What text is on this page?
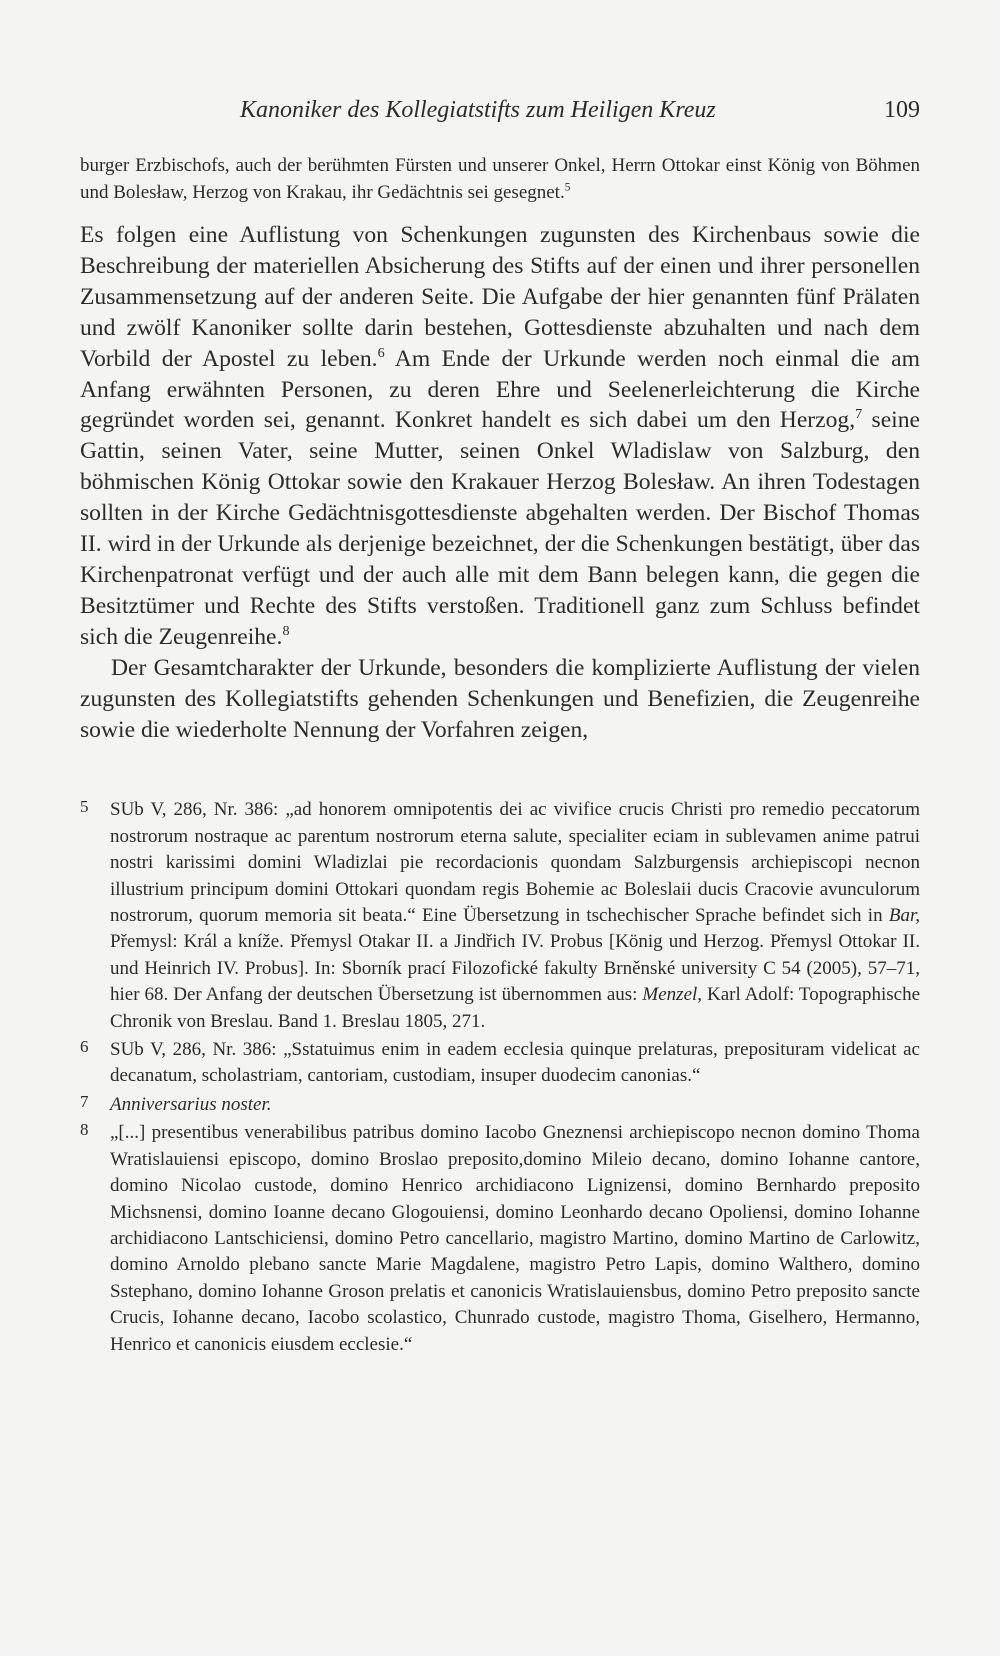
Kanoniker des Kollegiatstifts zum Heiligen Kreuz	109

burger Erzbischofs, auch der berühmten Fürsten und unserer Onkel, Herrn Ottokar einst König von Böhmen und Bolesław, Herzog von Krakau, ihr Gedächtnis sei gesegnet.$^5$

Es folgen eine Auflistung von Schenkungen zugunsten des Kirchenbaus sowie die Beschreibung der materiellen Absicherung des Stifts auf der einen und ihrer personellen Zusammensetzung auf der anderen Seite. Die Aufgabe der hier genannten fünf Prälaten und zwölf Kanoniker sollte darin bestehen, Gottesdienste abzuhalten und nach dem Vorbild der Apostel zu leben.$^6$ Am Ende der Urkunde werden noch einmal die am Anfang erwähnten Personen, zu deren Ehre und Seelenerleichterung die Kirche gegründet worden sei, genannt. Konkret handelt es sich dabei um den Herzog,$^7$ seine Gattin, seinen Vater, seine Mutter, seinen Onkel Wladislaw von Salzburg, den böhmischen König Ottokar sowie den Krakauer Herzog Bolesław. An ihren Todestagen sollten in der Kirche Gedächtnisgottesdienste abgehalten werden. Der Bischof Thomas II. wird in der Urkunde als derjenige bezeichnet, der die Schenkungen bestätigt, über das Kirchenpatronat verfügt und der auch alle mit dem Bann belegen kann, die gegen die Besitztümer und Rechte des Stifts verstoßen. Traditionell ganz zum Schluss befindet sich die Zeugenreihe.$^8$

Der Gesamtcharakter der Urkunde, besonders die komplizierte Auflistung der vielen zugunsten des Kollegiatstifts gehenden Schenkungen und Benefizien, die Zeugenreihe sowie die wiederholte Nennung der Vorfahren zeigen,

5	SUb V, 286, Nr. 386: „ad honorem omnipotentis dei ac vivifice crucis Christi pro remedio peccatorum nostrorum nostraque ac parentum nostrorum eterna salute, specialiter eciam in sublevamen anime patrui nostri karissimi domini Wladizlai pie recordacionis quondam Salzburgensis archiepiscopi necnon illustrium principum domini Ottokari quondam regis Bohemie ac Boleslaii ducis Cracovie avunculorum nostrorum, quorum memoria sit beata.“ Eine Übersetzung in tschechischer Sprache befindet sich in Bar, Přemysl: Král a kníže. Přemysl Otakar II. a Jindřich IV. Probus [König und Herzog. Přemysl Ottokar II. und Heinrich IV. Probus]. In: Sborník prací Filozofické fakulty Brněnské university C 54 (2005), 57–71, hier 68. Der Anfang der deutschen Übersetzung ist übernommen aus: Menzel, Karl Adolf: Topographische Chronik von Breslau. Band 1. Breslau 1805, 271.
6	SUb V, 286, Nr. 386: „Sstatuimus enim in eadem ecclesia quinque prelaturas, preposituram videlicat ac decanatum, scholastriam, cantoriam, custodiam, insuper duodecim canonias.“
7	Anniversarius noster.
8	„[...] presentibus venerabilibus patribus domino Iacobo Gneznensi archiepiscopo necnon domino Thoma Wratislauiensi episcopo, domino Broslao preposito,domino Mileio decano, domino Iohanne cantore, domino Nicolao custode, domino Henrico archidiacono Lignizensi, domino Bernhardo preposito Michsnensi, domino Ioanne decano Glogouiensi, domino Leonhardo decano Opoliensi, domino Iohanne archidiacono Lantschiciensi, domino Petro cancellario, magistro Martino, domino Martino de Carlowitz, domino Arnoldo plebano sancte Marie Magdalene, magistro Petro Lapis, domino Walthero, domino Sstephano, domino Iohanne Groson prelatis et canonicis Wratislauiensbus, domino Petro preposito sancte Crucis, Iohanne decano, Iacobo scolastico, Chunrado custode, magistro Thoma, Giselhero, Hermanno, Henrico et canonicis eiusdem ecclesie.“
